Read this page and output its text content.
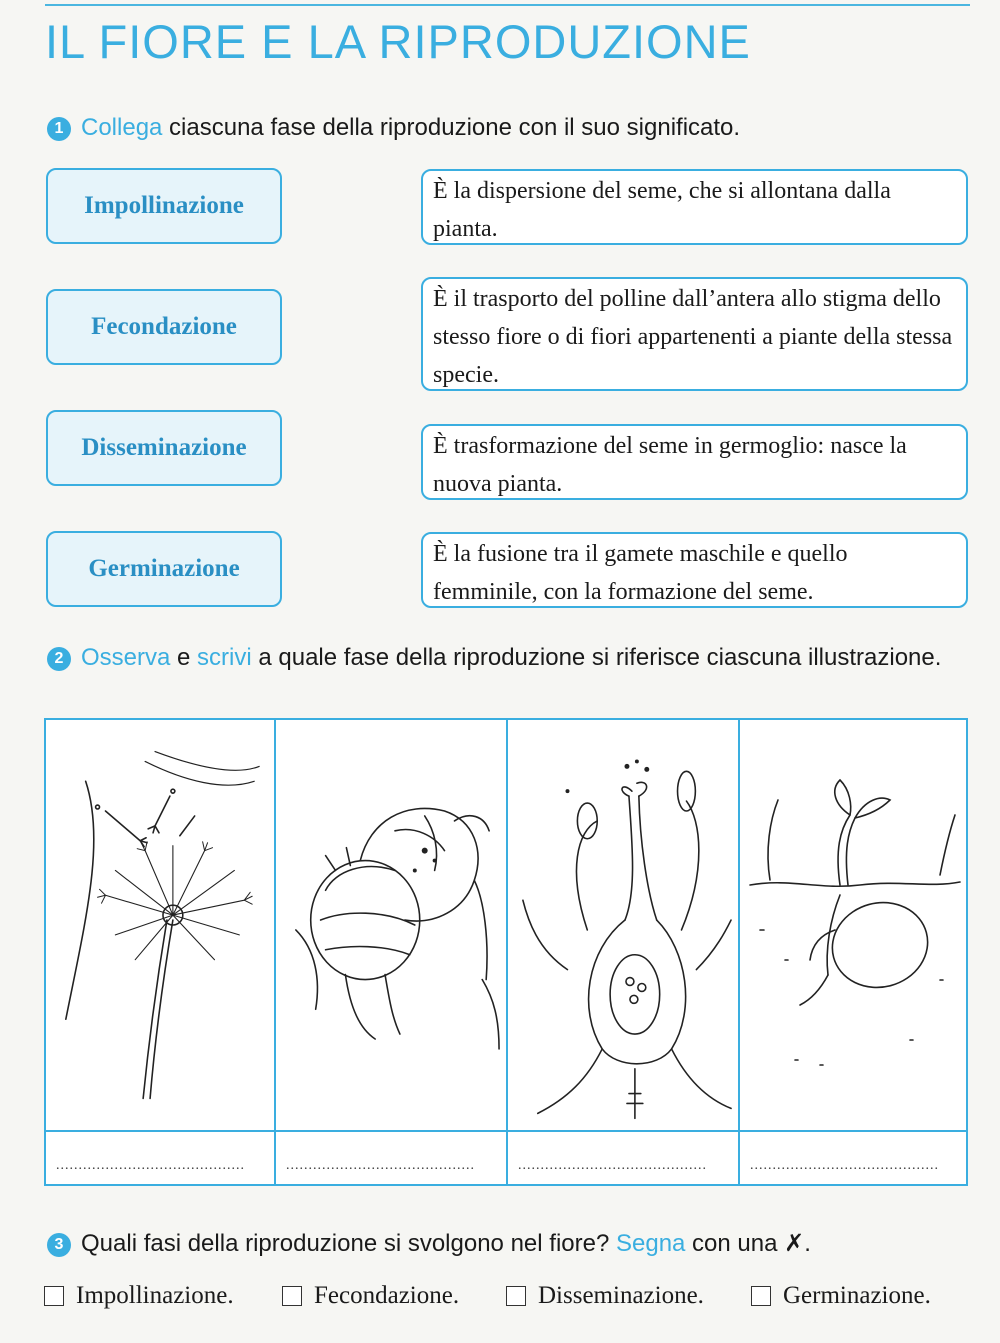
IL FIORE E LA RIPRODUZIONE
1 Collega ciascuna fase della riproduzione con il suo significato.
Impollinazione
Fecondazione
Disseminazione
Germinazione
È la dispersione del seme, che si allontana dalla pianta.
È il trasporto del polline dall’antera allo stigma dello stesso fiore o di fiori appartenenti a piante della stessa specie.
È trasformazione del seme in germoglio: nasce la nuova pianta.
È la fusione tra il gamete maschile e quello femminile, con la formazione del seme.
2 Osserva e scrivi a quale fase della riproduzione si riferisce ciascuna illustrazione.
..........................................	..........................................	..........................................	..........................................
3 Quali fasi della riproduzione si svolgono nel fiore? Segna con una ✗.
Impollinazione.	Fecondazione.	Disseminazione.	Germinazione.
